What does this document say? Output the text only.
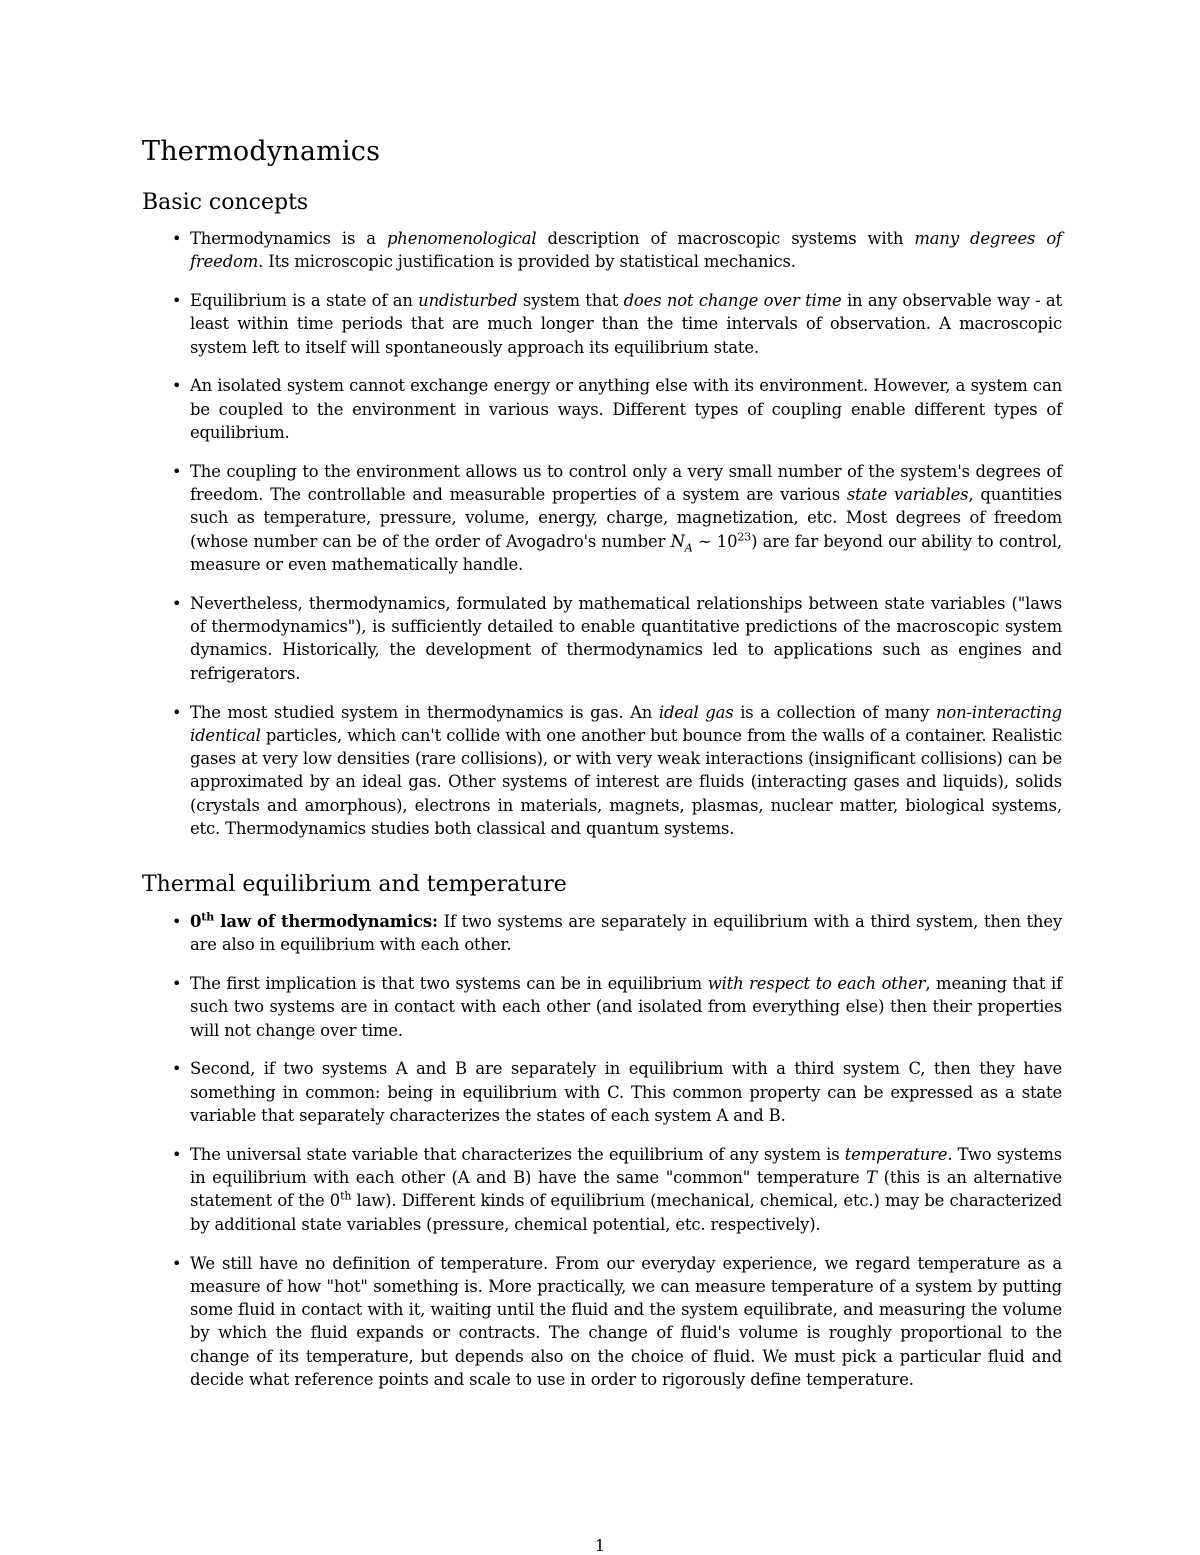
Thermodynamics
Basic concepts
• Thermodynamics is a phenomenological description of macroscopic systems with many degrees of freedom. Its microscopic justification is provided by statistical mechanics.
• Equilibrium is a state of an undisturbed system that does not change over time in any observable way - at least within time periods that are much longer than the time intervals of observation. A macroscopic system left to itself will spontaneously approach its equilibrium state.
• An isolated system cannot exchange energy or anything else with its environment. However, a system can be coupled to the environment in various ways. Different types of coupling enable different types of equilibrium.
• The coupling to the environment allows us to control only a very small number of the system's degrees of freedom. The controllable and measurable properties of a system are various state variables, quantities such as temperature, pressure, volume, energy, charge, magnetization, etc. Most degrees of freedom (whose number can be of the order of Avogadro's number $N_A$ ∼ $10^{23}$) are far beyond our ability to control, measure or even mathematically handle.
• Nevertheless, thermodynamics, formulated by mathematical relationships between state variables ("laws of thermodynamics"), is sufficiently detailed to enable quantitative predictions of the macroscopic system dynamics. Historically, the development of thermodynamics led to applications such as engines and refrigerators.
• The most studied system in thermodynamics is gas. An ideal gas is a collection of many non-interacting identical particles, which can't collide with one another but bounce from the walls of a container. Realistic gases at very low densities (rare collisions), or with very weak interactions (insignificant collisions) can be approximated by an ideal gas. Other systems of interest are fluids (interacting gases and liquids), solids (crystals and amorphous), electrons in materials, magnets, plasmas, nuclear matter, biological systems, etc. Thermodynamics studies both classical and quantum systems.
Thermal equilibrium and temperature
• 0th law of thermodynamics: If two systems are separately in equilibrium with a third system, then they are also in equilibrium with each other.
• The first implication is that two systems can be in equilibrium with respect to each other, meaning that if such two systems are in contact with each other (and isolated from everything else) then their properties will not change over time.
• Second, if two systems A and B are separately in equilibrium with a third system C, then they have something in common: being in equilibrium with C. This common property can be expressed as a state variable that separately characterizes the states of each system A and B.
• The universal state variable that characterizes the equilibrium of any system is temperature. Two systems in equilibrium with each other (A and B) have the same "common" temperature T (this is an alternative statement of the 0th law). Different kinds of equilibrium (mechanical, chemical, etc.) may be characterized by additional state variables (pressure, chemical potential, etc. respectively).
• We still have no definition of temperature. From our everyday experience, we regard temperature as a measure of how "hot" something is. More practically, we can measure temperature of a system by putting some fluid in contact with it, waiting until the fluid and the system equilibrate, and measuring the volume by which the fluid expands or contracts. The change of fluid's volume is roughly proportional to the change of its temperature, but depends also on the choice of fluid. We must pick a particular fluid and decide what reference points and scale to use in order to rigorously define temperature.
1
